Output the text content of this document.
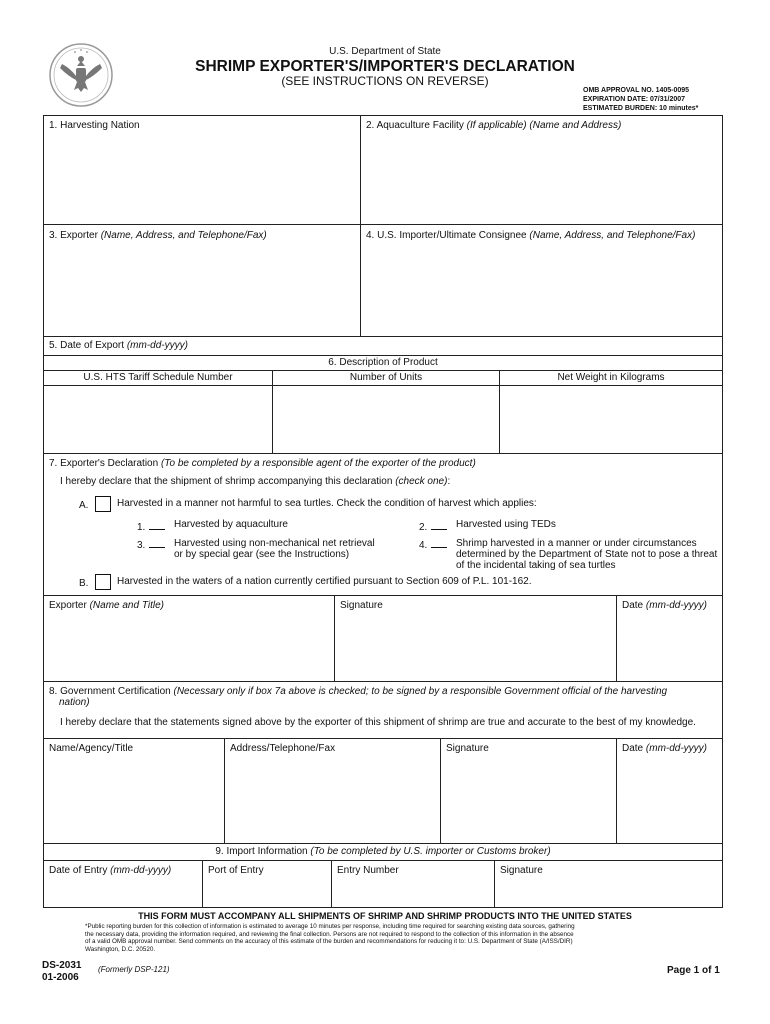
U.S. Department of State
SHRIMP EXPORTER'S/IMPORTER'S DECLARATION
(SEE INSTRUCTIONS ON REVERSE)
OMB APPROVAL NO. 1405-0095
EXPIRATION DATE: 07/31/2007
ESTIMATED BURDEN: 10 minutes*
1. Harvesting Nation	2. Aquaculture Facility (If applicable) (Name and Address)
3. Exporter (Name, Address, and Telephone/Fax)	4. U.S. Importer/Ultimate Consignee (Name, Address, and Telephone/Fax)
5. Date of Export (mm-dd-yyyy)
6. Description of Product
U.S. HTS Tariff Schedule Number	Number of Units	Net Weight in Kilograms
7. Exporter's Declaration (To be completed by a responsible agent of the exporter of the product)
I hereby declare that the shipment of shrimp accompanying this declaration (check one):
A.	Harvested in a manner not harmful to sea turtles. Check the condition of harvest which applies:
1.	Harvested by aquaculture	2.	Harvested using TEDs
3.	Harvested using non-mechanical net retrieval
or by special gear (see the Instructions)
4.	Shrimp harvested in a manner or under circumstances
determined by the Department of State not to pose a threat
of the incidental taking of sea turtles
B.	Harvested in the waters of a nation currently certified pursuant to Section 609 of P.L. 101-162.
Exporter (Name and Title)	Signature	Date (mm-dd-yyyy)
8. Government Certification (Necessary only if box 7a above is checked; to be signed by a responsible Government official of the harvesting
nation)
I hereby declare that the statements signed above by the exporter of this shipment of shrimp are true and accurate to the best of my knowledge.
Name/Agency/Title	Address/Telephone/Fax	Signature	Date (mm-dd-yyyy)
9. Import Information (To be completed by U.S. importer or Customs broker)
Date of Entry (mm-dd-yyyy)	Port of Entry	Entry Number	Signature
THIS FORM MUST ACCOMPANY ALL SHIPMENTS OF SHRIMP AND SHRIMP PRODUCTS INTO THE UNITED STATES
*Public reporting burden for this collection of information is estimated to average 10 minutes per response, including time required for searching existing data sources, gathering
the necessary data, providing the information required, and reviewing the final collection. Persons are not required to respond to the collection of this information in the absence
of a valid OMB approval number. Send comments on the accuracy of this estimate of the burden and recommendations for reducing it to: U.S. Department of State (A/ISS/DIR)
Washington, D.C. 20520.
DS-2031
01-2006
(Formerly DSP-121)	Page 1 of 1
